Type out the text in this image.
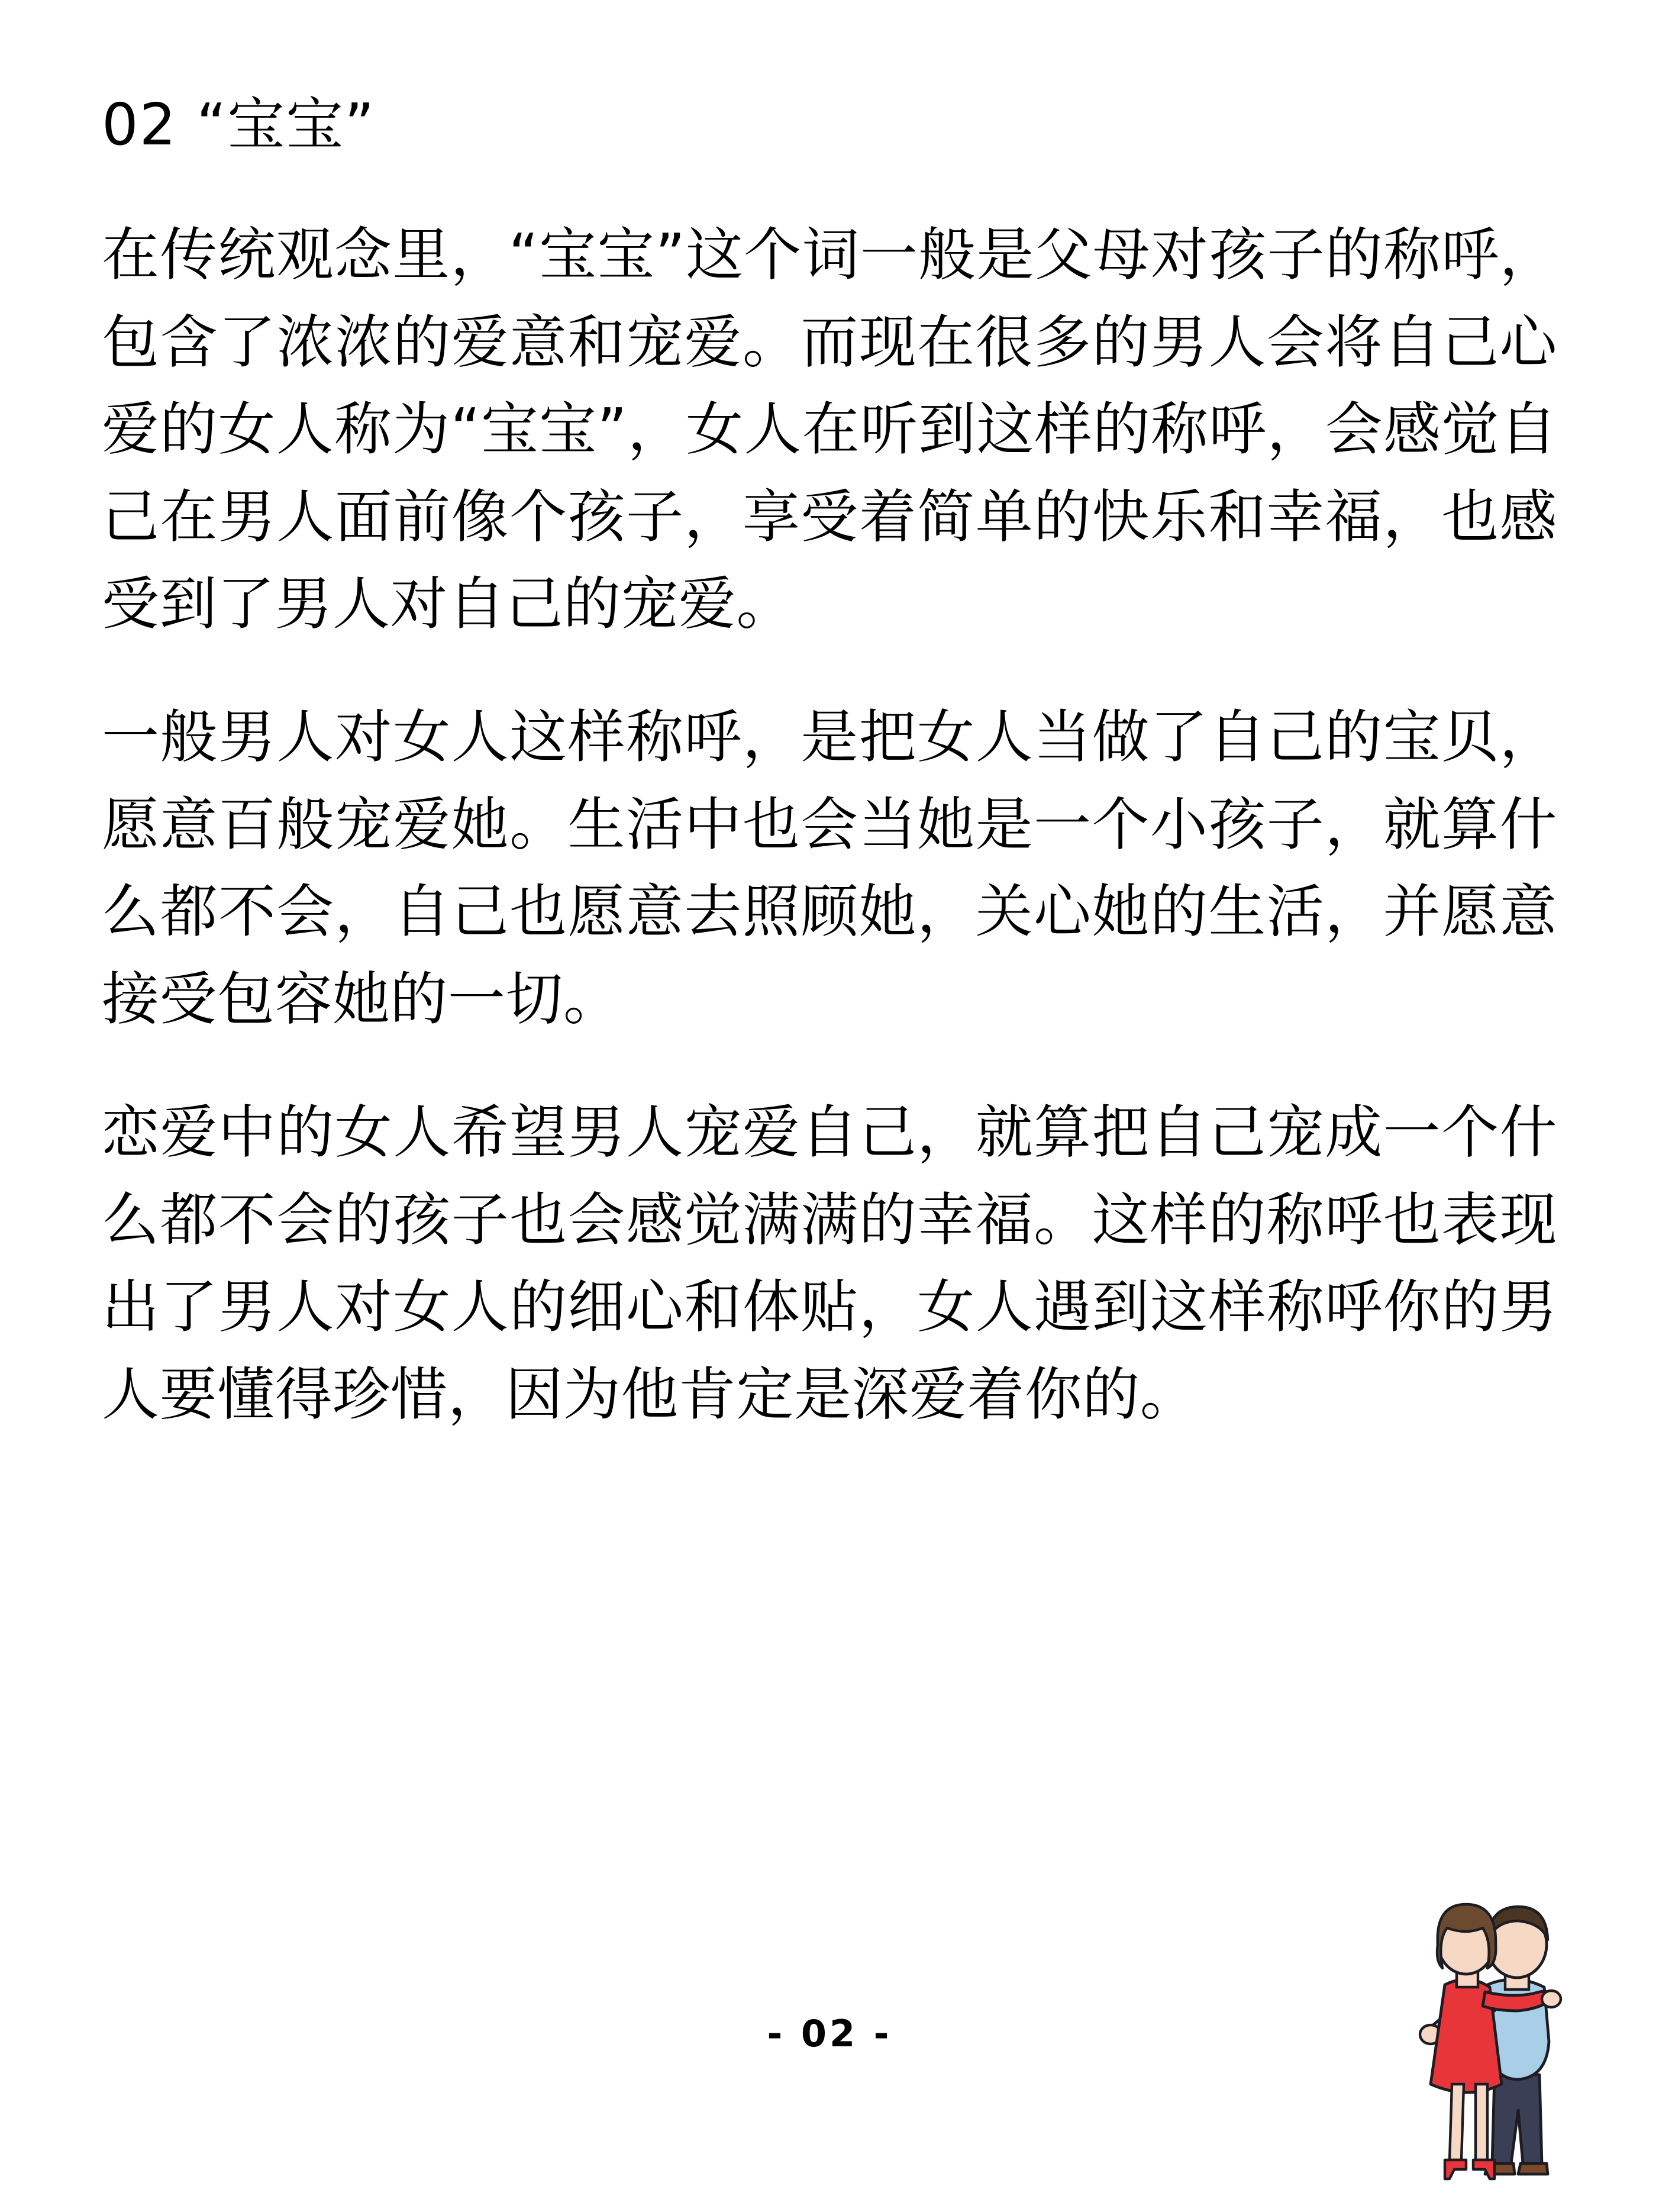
02 “宝宝”

在传统观念里，“宝宝”这个词一般是父母对孩子的称呼，包含了浓浓的爱意和宠爱。而现在很多的男人会将自己心爱的女人称为“宝宝”，女人在听到这样的称呼，会感觉自己在男人面前像个孩子，享受着简单的快乐和幸福，也感受到了男人对自己的宠爱。

一般男人对女人这样称呼，是把女人当做了自己的宝贝，愿意百般宠爱她。生活中也会当她是一个小孩子，就算什么都不会，自己也愿意去照顾她，关心她的生活，并愿意接受包容她的一切。

恋爱中的女人希望男人宠爱自己，就算把自己宠成一个什么都不会的孩子也会感觉满满的幸福。这样的称呼也表现出了男人对女人的细心和体贴，女人遇到这样称呼你的男人要懂得珍惜，因为他肯定是深爱着你的。

- 02 -
